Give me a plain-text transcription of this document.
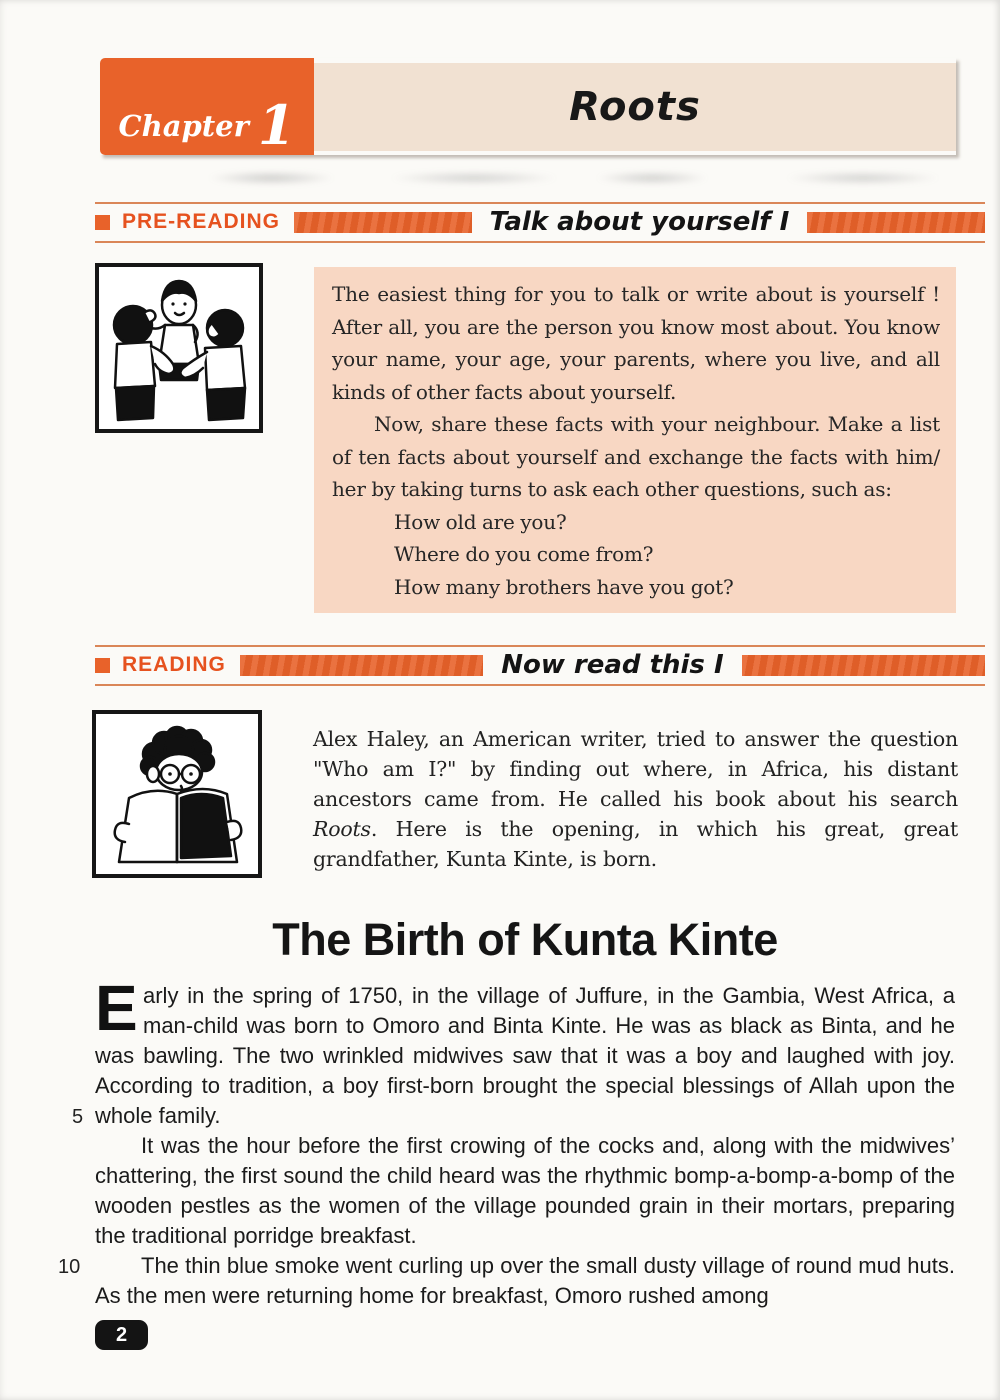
Chapter 1	Roots
PRE-READING	Talk about yourself I

The easiest thing for you to talk or write about is yourself ! After all, you are the person you know most about. You know your name, your age, your parents, where you live, and all kinds of other facts about yourself.

Now, share these facts with your neighbour. Make a list of ten facts about yourself and exchange the facts with him/ her by taking turns to ask each other questions, such as:

How old are you?
Where do you come from?
How many brothers have you got?
READING	Now read this I

Alex Haley, an American writer, tried to answer the question "Who am I?" by finding out where, in Africa, his distant ancestors came from. He called his book about his search Roots. Here is the opening, in which his great, great grandfather, Kunta Kinte, is born.

The Birth of Kunta Kinte

Early in the spring of 1750, in the village of Juffure, in the Gambia, West Africa, a man-child was born to Omoro and Binta Kinte. He was as black as Binta, and he was bawling. The two wrinkled midwives saw that it was a boy and laughed with joy. According to tradition, a boy first-born brought the special blessings of Allah upon the whole family.

It was the hour before the first crowing of the cocks and, along with the midwives’ chattering, the first sound the child heard was the rhythmic bomp-a-bomp-a-bomp of the wooden pestles as the women of the village pounded grain in their mortars, preparing the traditional porridge breakfast.

The thin blue smoke went curling up over the small dusty village of round mud huts. As the men were returning home for breakfast, Omoro rushed among

5
10
2
